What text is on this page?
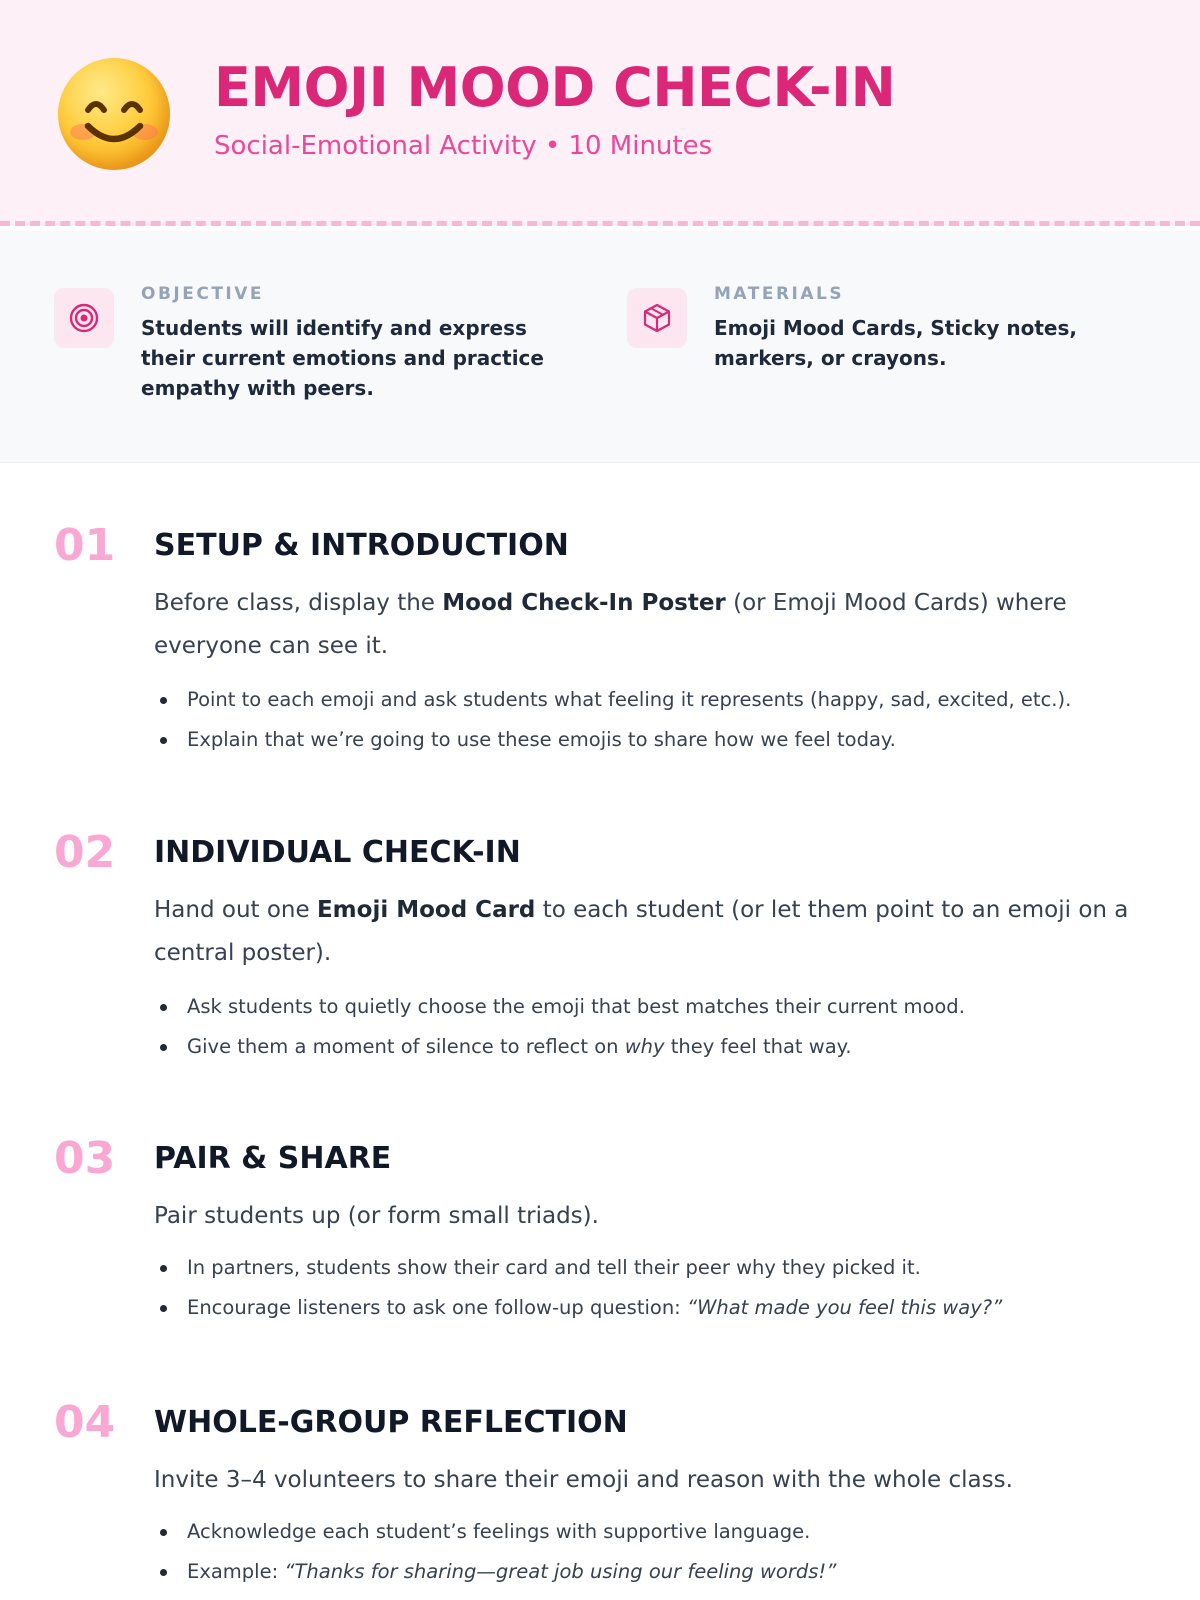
EMOJI MOOD CHECK-IN
Social-Emotional Activity • 10 Minutes
OBJECTIVE
Students will identify and express their current emotions and practice empathy with peers.
MATERIALS
Emoji Mood Cards, Sticky notes, markers, or crayons.
01 SETUP & INTRODUCTION
Before class, display the Mood Check-In Poster (or Emoji Mood Cards) where everyone can see it.
Point to each emoji and ask students what feeling it represents (happy, sad, excited, etc.).
Explain that we’re going to use these emojis to share how we feel today.
02 INDIVIDUAL CHECK-IN
Hand out one Emoji Mood Card to each student (or let them point to an emoji on a central poster).
Ask students to quietly choose the emoji that best matches their current mood.
Give them a moment of silence to reflect on why they feel that way.
03 PAIR & SHARE
Pair students up (or form small triads).
In partners, students show their card and tell their peer why they picked it.
Encourage listeners to ask one follow-up question: “What made you feel this way?”
04 WHOLE-GROUP REFLECTION
Invite 3–4 volunteers to share their emoji and reason with the whole class.
Acknowledge each student’s feelings with supportive language.
Example: “Thanks for sharing—great job using our feeling words!”
